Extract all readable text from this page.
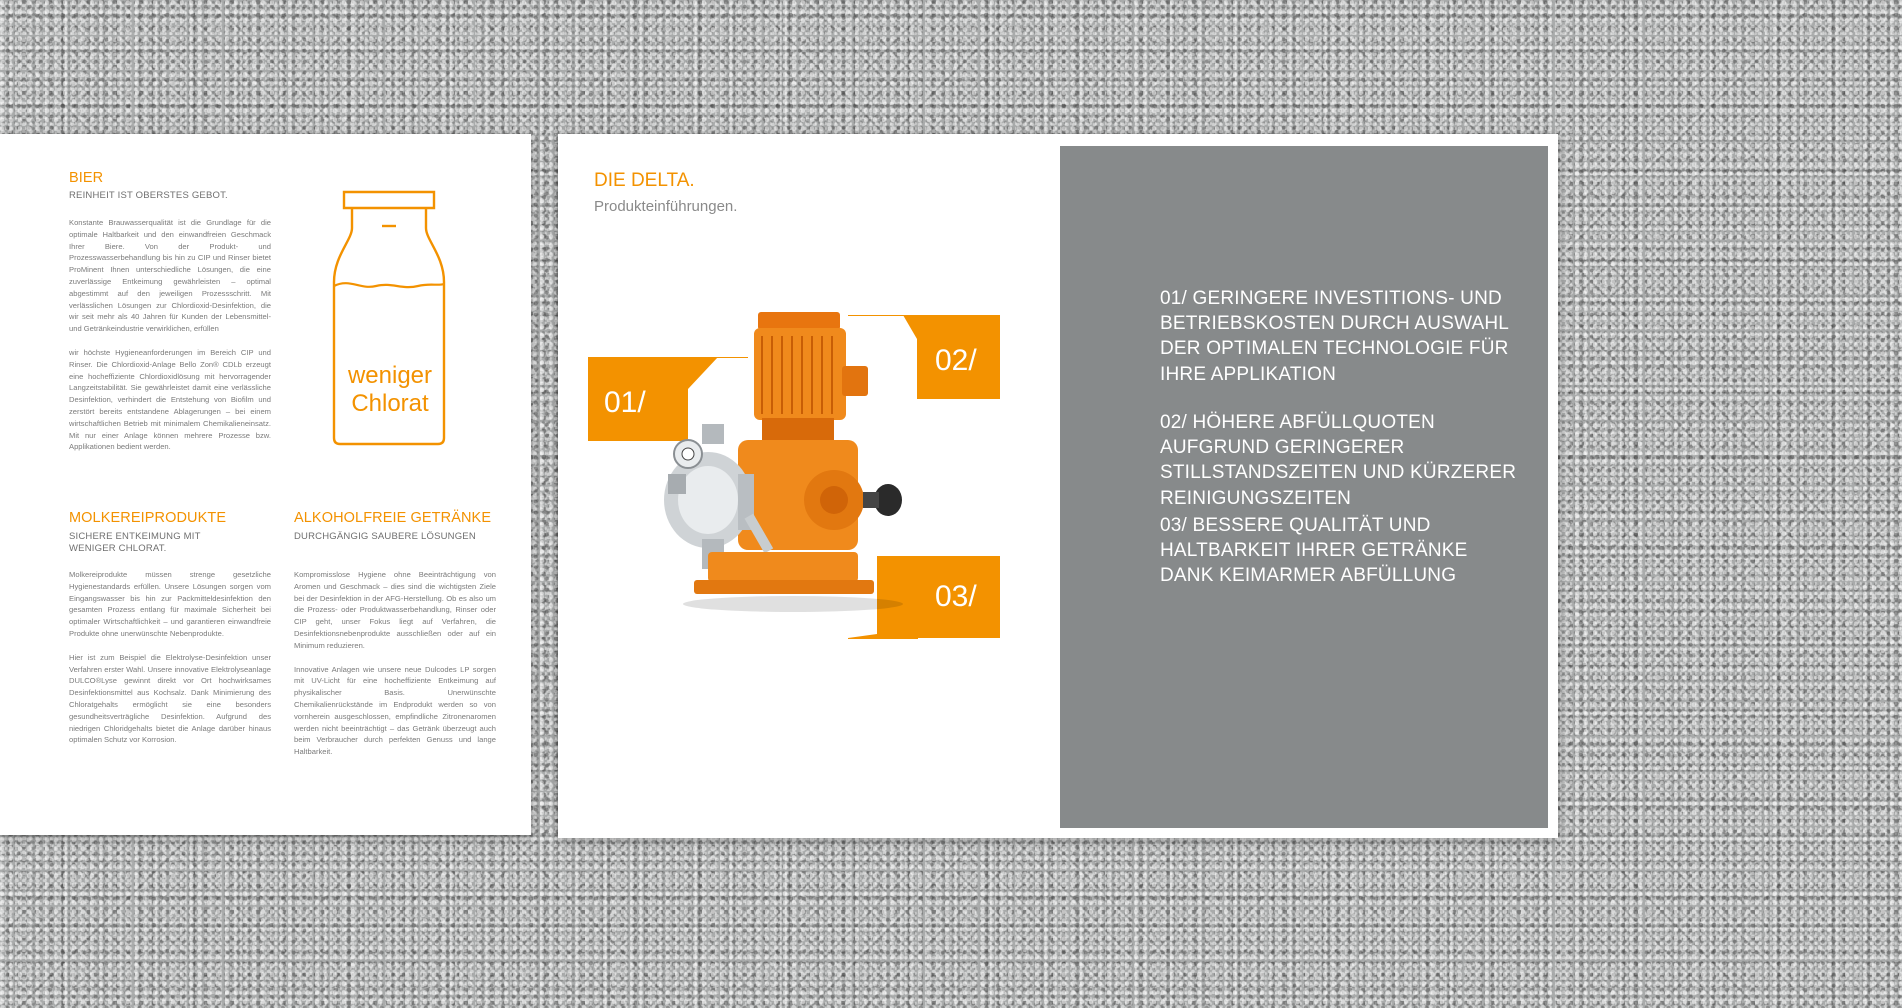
BIER
REINHEIT IST OBERSTES GEBOT.

Konstante Brauwasserqualität ist die Grundlage für die optimale Haltbarkeit und den einwandfreien Geschmack Ihrer Biere. Von der Produkt- und Prozesswasserbehandlung bis hin zu CIP und Rinser bietet ProMinent Ihnen unterschiedliche Lösungen, die eine zuverlässige Entkeimung gewährleisten – optimal abgestimmt auf den jeweiligen Prozessschritt. Mit verlässlichen Lösungen zur Chlordioxid-Desinfektion, die wir seit mehr als 40 Jahren für Kunden der Lebensmittel- und Getränkeindustrie verwirklichen, erfüllen

wir höchste Hygieneanforderungen im Bereich CIP und Rinser. Die Chlordioxid-Anlage Bello Zon® CDLb erzeugt eine hocheffiziente Chlordioxidlösung mit hervorragender Langzeitstabilität. Sie gewährleistet damit eine verlässliche Desinfektion, verhindert die Entstehung von Biofilm und zerstört bereits entstandene Ablagerungen – bei einem wirtschaftlichen Betrieb mit minimalem Chemikalieneinsatz. Mit nur einer Anlage können mehrere Prozesse bzw. Applikationen bedient werden.

weniger
Chlorat
MOLKEREIPRODUKTE
SICHERE ENTKEIMUNG MIT WENIGER CHLORAT.

Molkereiprodukte müssen strenge gesetzliche Hygienestandards erfüllen. Unsere Lösungen sorgen vom Eingangswasser bis hin zur Packmitteldesinfektion den gesamten Prozess entlang für maximale Sicherheit bei optimaler Wirtschaftlichkeit – und garantieren einwandfreie Produkte ohne unerwünschte Nebenprodukte.

Hier ist zum Beispiel die Elektrolyse-Desinfektion unser Verfahren erster Wahl. Unsere innovative Elektrolyseanlage DULCO®Lyse gewinnt direkt vor Ort hochwirksames Desinfektionsmittel aus Kochsalz. Dank Minimierung des Chloratgehalts ermöglicht sie eine besonders gesundheitsverträgliche Desinfektion. Aufgrund des niedrigen Chloridgehalts bietet die Anlage darüber hinaus optimalen Schutz vor Korrosion.

ALKOHOLFREIE GETRÄNKE
DURCHGÄNGIG SAUBERE LÖSUNGEN

Kompromisslose Hygiene ohne Beeinträchtigung von Aromen und Geschmack – dies sind die wichtigsten Ziele bei der Desinfektion in der AFG-Herstellung. Ob es also um die Prozess- oder Produktwasserbehandlung, Rinser oder CIP geht, unser Fokus liegt auf Verfahren, die Desinfektionsnebenprodukte ausschließen oder auf ein Minimum reduzieren.

Innovative Anlagen wie unsere neue Dulcodes LP sorgen mit UV-Licht für eine hocheffiziente Entkeimung auf physikalischer Basis. Unerwünschte Chemikalienrückstände im Endprodukt werden so von vornherein ausgeschlossen, empfindliche Zitronenaromen werden nicht beeinträchtigt – das Getränk überzeugt auch beim Verbraucher durch perfekten Genuss und lange Haltbarkeit.

DIE DELTA.
Produkteinführungen.
01/
02/
03/
01/ GERINGERE INVESTITIONS- UND BETRIEBSKOSTEN DURCH AUSWAHL DER OPTIMALEN TECHNOLOGIE FÜR IHRE APPLIKATION
02/ HÖHERE ABFÜLLQUOTEN AUFGRUND GERINGERER STILLSTANDSZEITEN UND KÜRZERER REINIGUNGSZEITEN
03/ BESSERE QUALITÄT UND HALTBARKEIT IHRER GETRÄNKE DANK KEIMARMER ABFÜLLUNG
